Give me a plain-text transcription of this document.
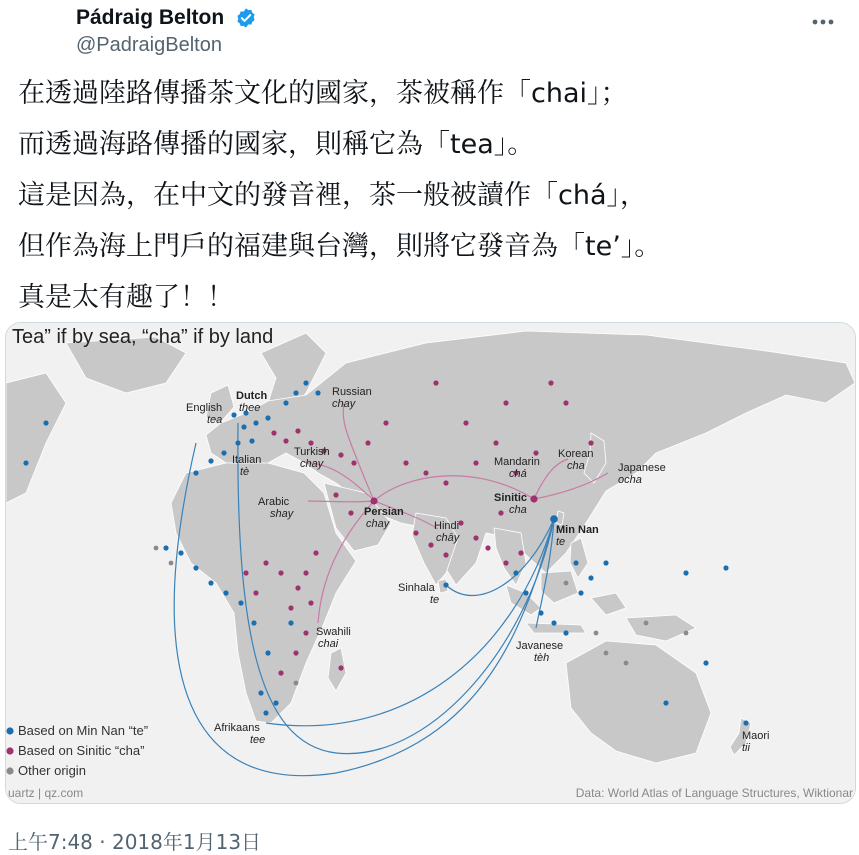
Pádraig Belton
@PadraigBelton
在透過陸路傳播茶文化的國家，茶被稱作「chai」；
而透過海路傳播的國家，則稱它為「tea」。
這是因為，在中文的發音裡，茶一般被讀作「chá」，
但作為海上門戶的福建與台灣，則將它發音為「te’」。
真是太有趣了！！
Tea” if by sea, “cha” if by land
English
tea
Dutch
thee
Italian
tè
Russian
chay
Turkish
chay
Arabic
shay	Persian
chay	Hindi
chāy
Mandarin
chá
Korean
cha	Japanese
ocha
Sinitic
cha
Min Nan
te
Sinhala
te
Swahili
chai	Javanese
tèh
Afrikaans
tee	Maori
tii
Based on Min Nan “te”
Based on Sinitic “cha”
Other origin
uartz | qz.com	Data: World Atlas of Language Structures, Wiktionar
上午7:48 · 2018年1月13日
